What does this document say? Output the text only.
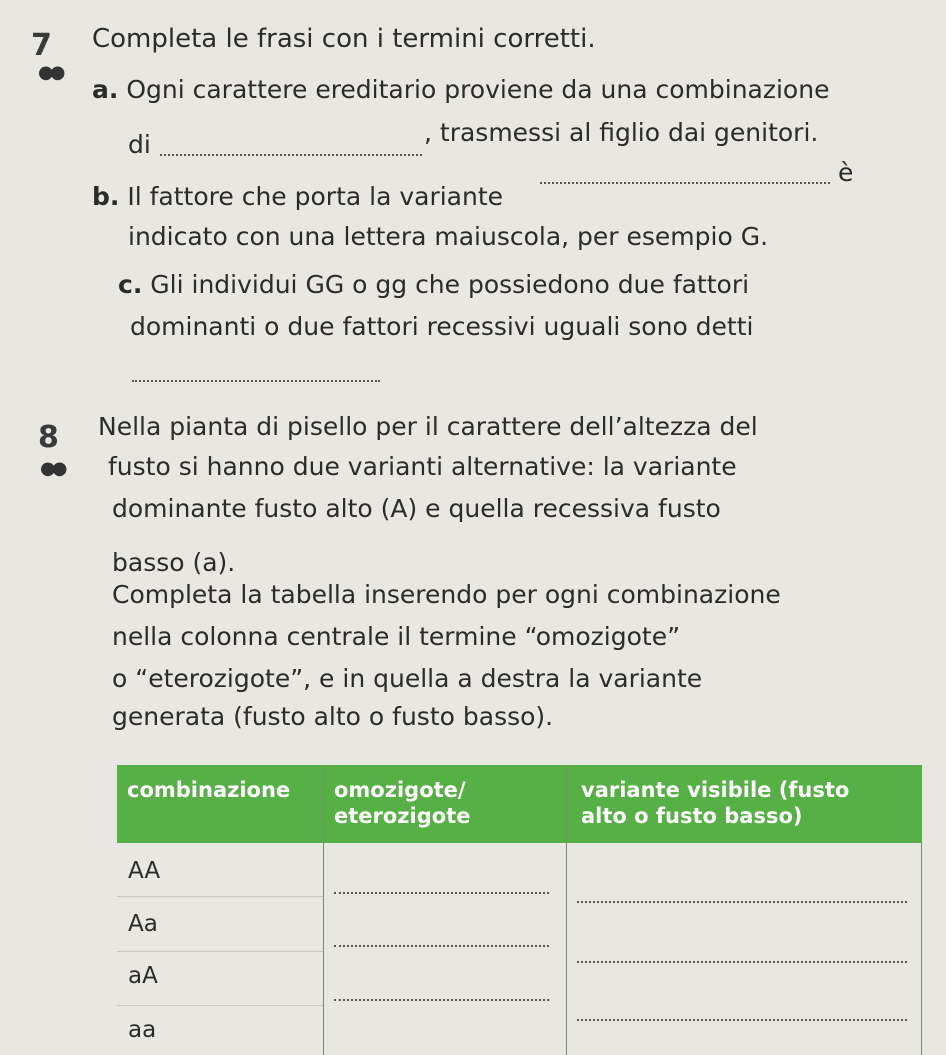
7
●●
Completa le frasi con i termini corretti.
a. Ogni carattere ereditario proviene da una combinazione
di	, trasmessi al figlio dai genitori.
b. Il fattore che porta la variante
è
indicato con una lettera maiuscola, per esempio G.
c. Gli individui GG o gg che possiedono due fattori
dominanti o due fattori recessivi uguali sono detti
8
●●
Nella pianta di pisello per il carattere dell’altezza del
fusto si hanno due varianti alternative: la variante
dominante fusto alto (A) e quella recessiva fusto
basso (a).
Completa la tabella inserendo per ogni combinazione
nella colonna centrale il termine “omozigote”
o “eterozigote”, e in quella a destra la variante
generata (fusto alto o fusto basso).
combinazione	omozigote/
eterozigote
variante visibile (fusto
alto o fusto basso)
AA
Aa
aA
aa
